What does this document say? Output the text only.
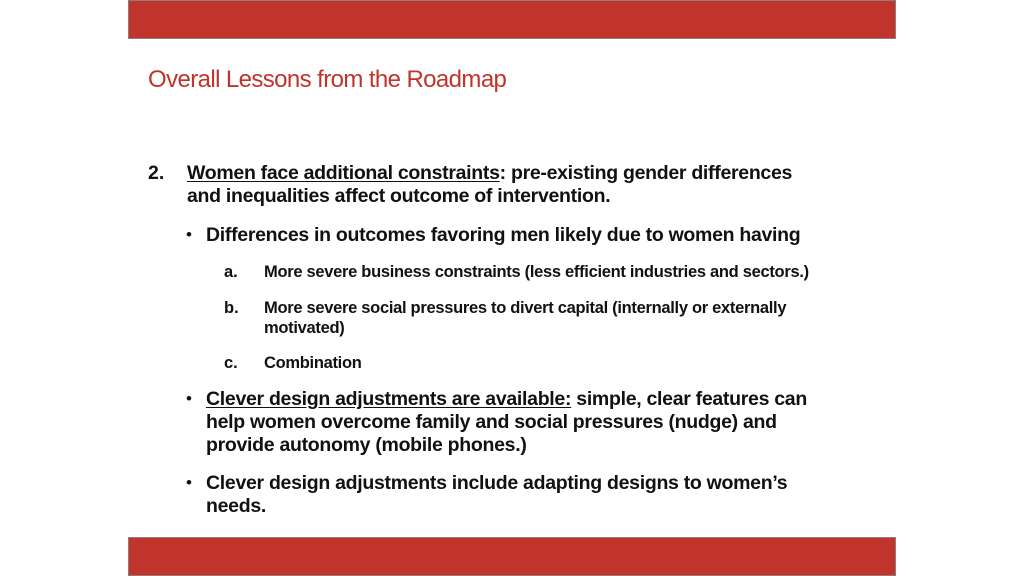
Overall Lessons from the Roadmap
2. Women face additional constraints: pre-existing gender differences
and inequalities affect outcome of intervention.
• Differences in outcomes favoring men likely due to women having
a. More severe business constraints (less efficient industries and sectors.)
b. More severe social pressures to divert capital (internally or externally
motivated)
c. Combination
• Clever design adjustments are available: simple, clear features can
help women overcome family and social pressures (nudge) and
provide autonomy (mobile phones.)
• Clever design adjustments include adapting designs to women’s
needs.
